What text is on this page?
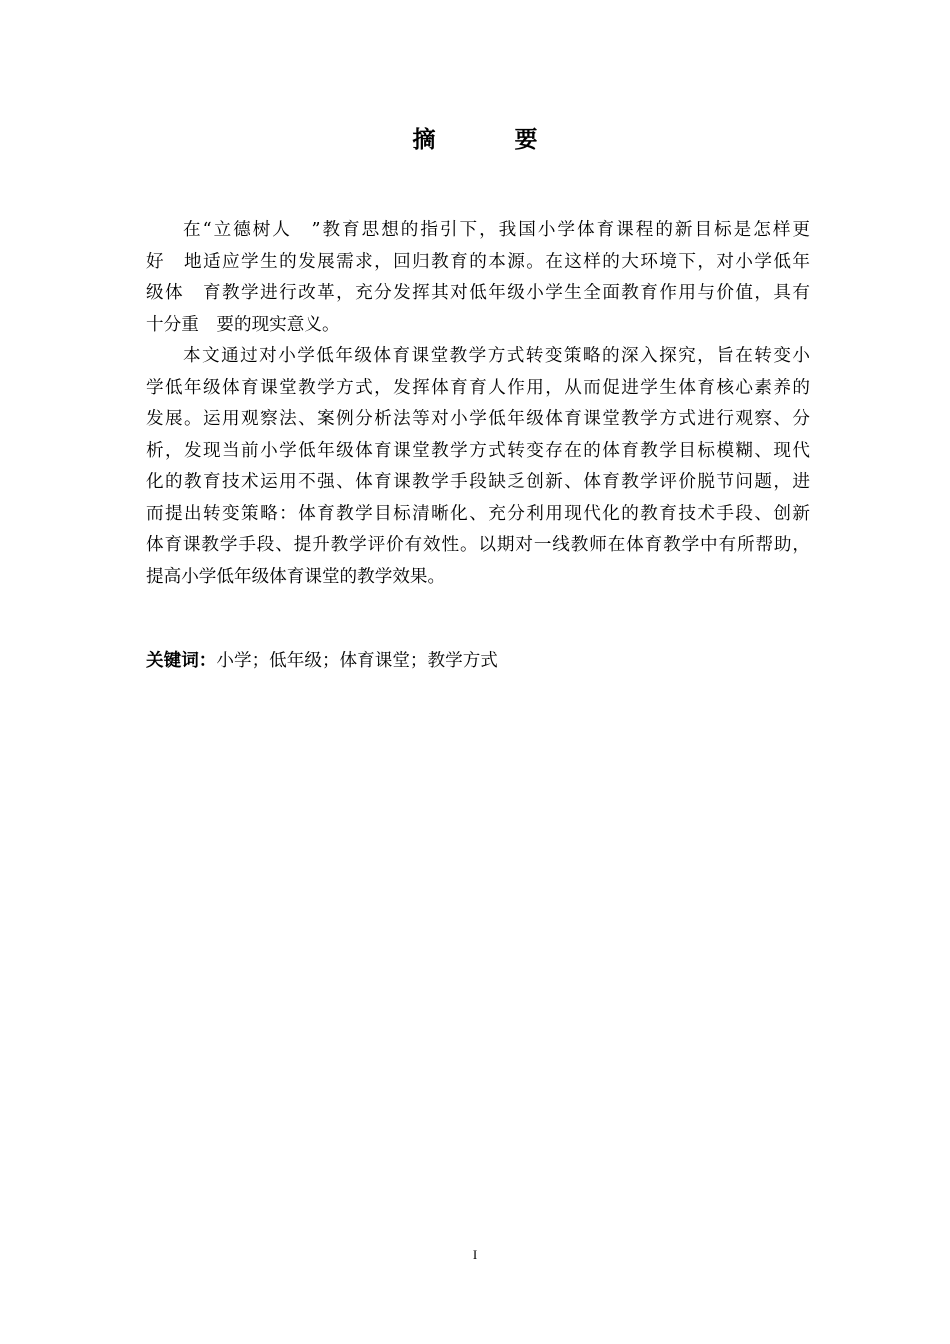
摘　要
在“立德树人　”教育思想的指引下，我国小学体育课程的新目标是怎样更
好　地适应学生的发展需求，回归教育的本源。在这样的大环境下，对小学低年
级体　育教学进行改革，充分发挥其对低年级小学生全面教育作用与价值，具有
十分重　要的现实意义。
本文通过对小学低年级体育课堂教学方式转变策略的深入探究，旨在转变小
学低年级体育课堂教学方式，发挥体育育人作用，从而促进学生体育核心素养的
发展。运用观察法、案例分析法等对小学低年级体育课堂教学方式进行观察、分
析，发现当前小学低年级体育课堂教学方式转变存在的体育教学目标模糊、现代
化的教育技术运用不强、体育课教学手段缺乏创新、体育教学评价脱节问题，进
而提出转变策略：体育教学目标清晰化、充分利用现代化的教育技术手段、创新
体育课教学手段、提升教学评价有效性。以期对一线教师在体育教学中有所帮助，
提高小学低年级体育课堂的教学效果。
关键词：小学；低年级；体育课堂；教学方式
I
